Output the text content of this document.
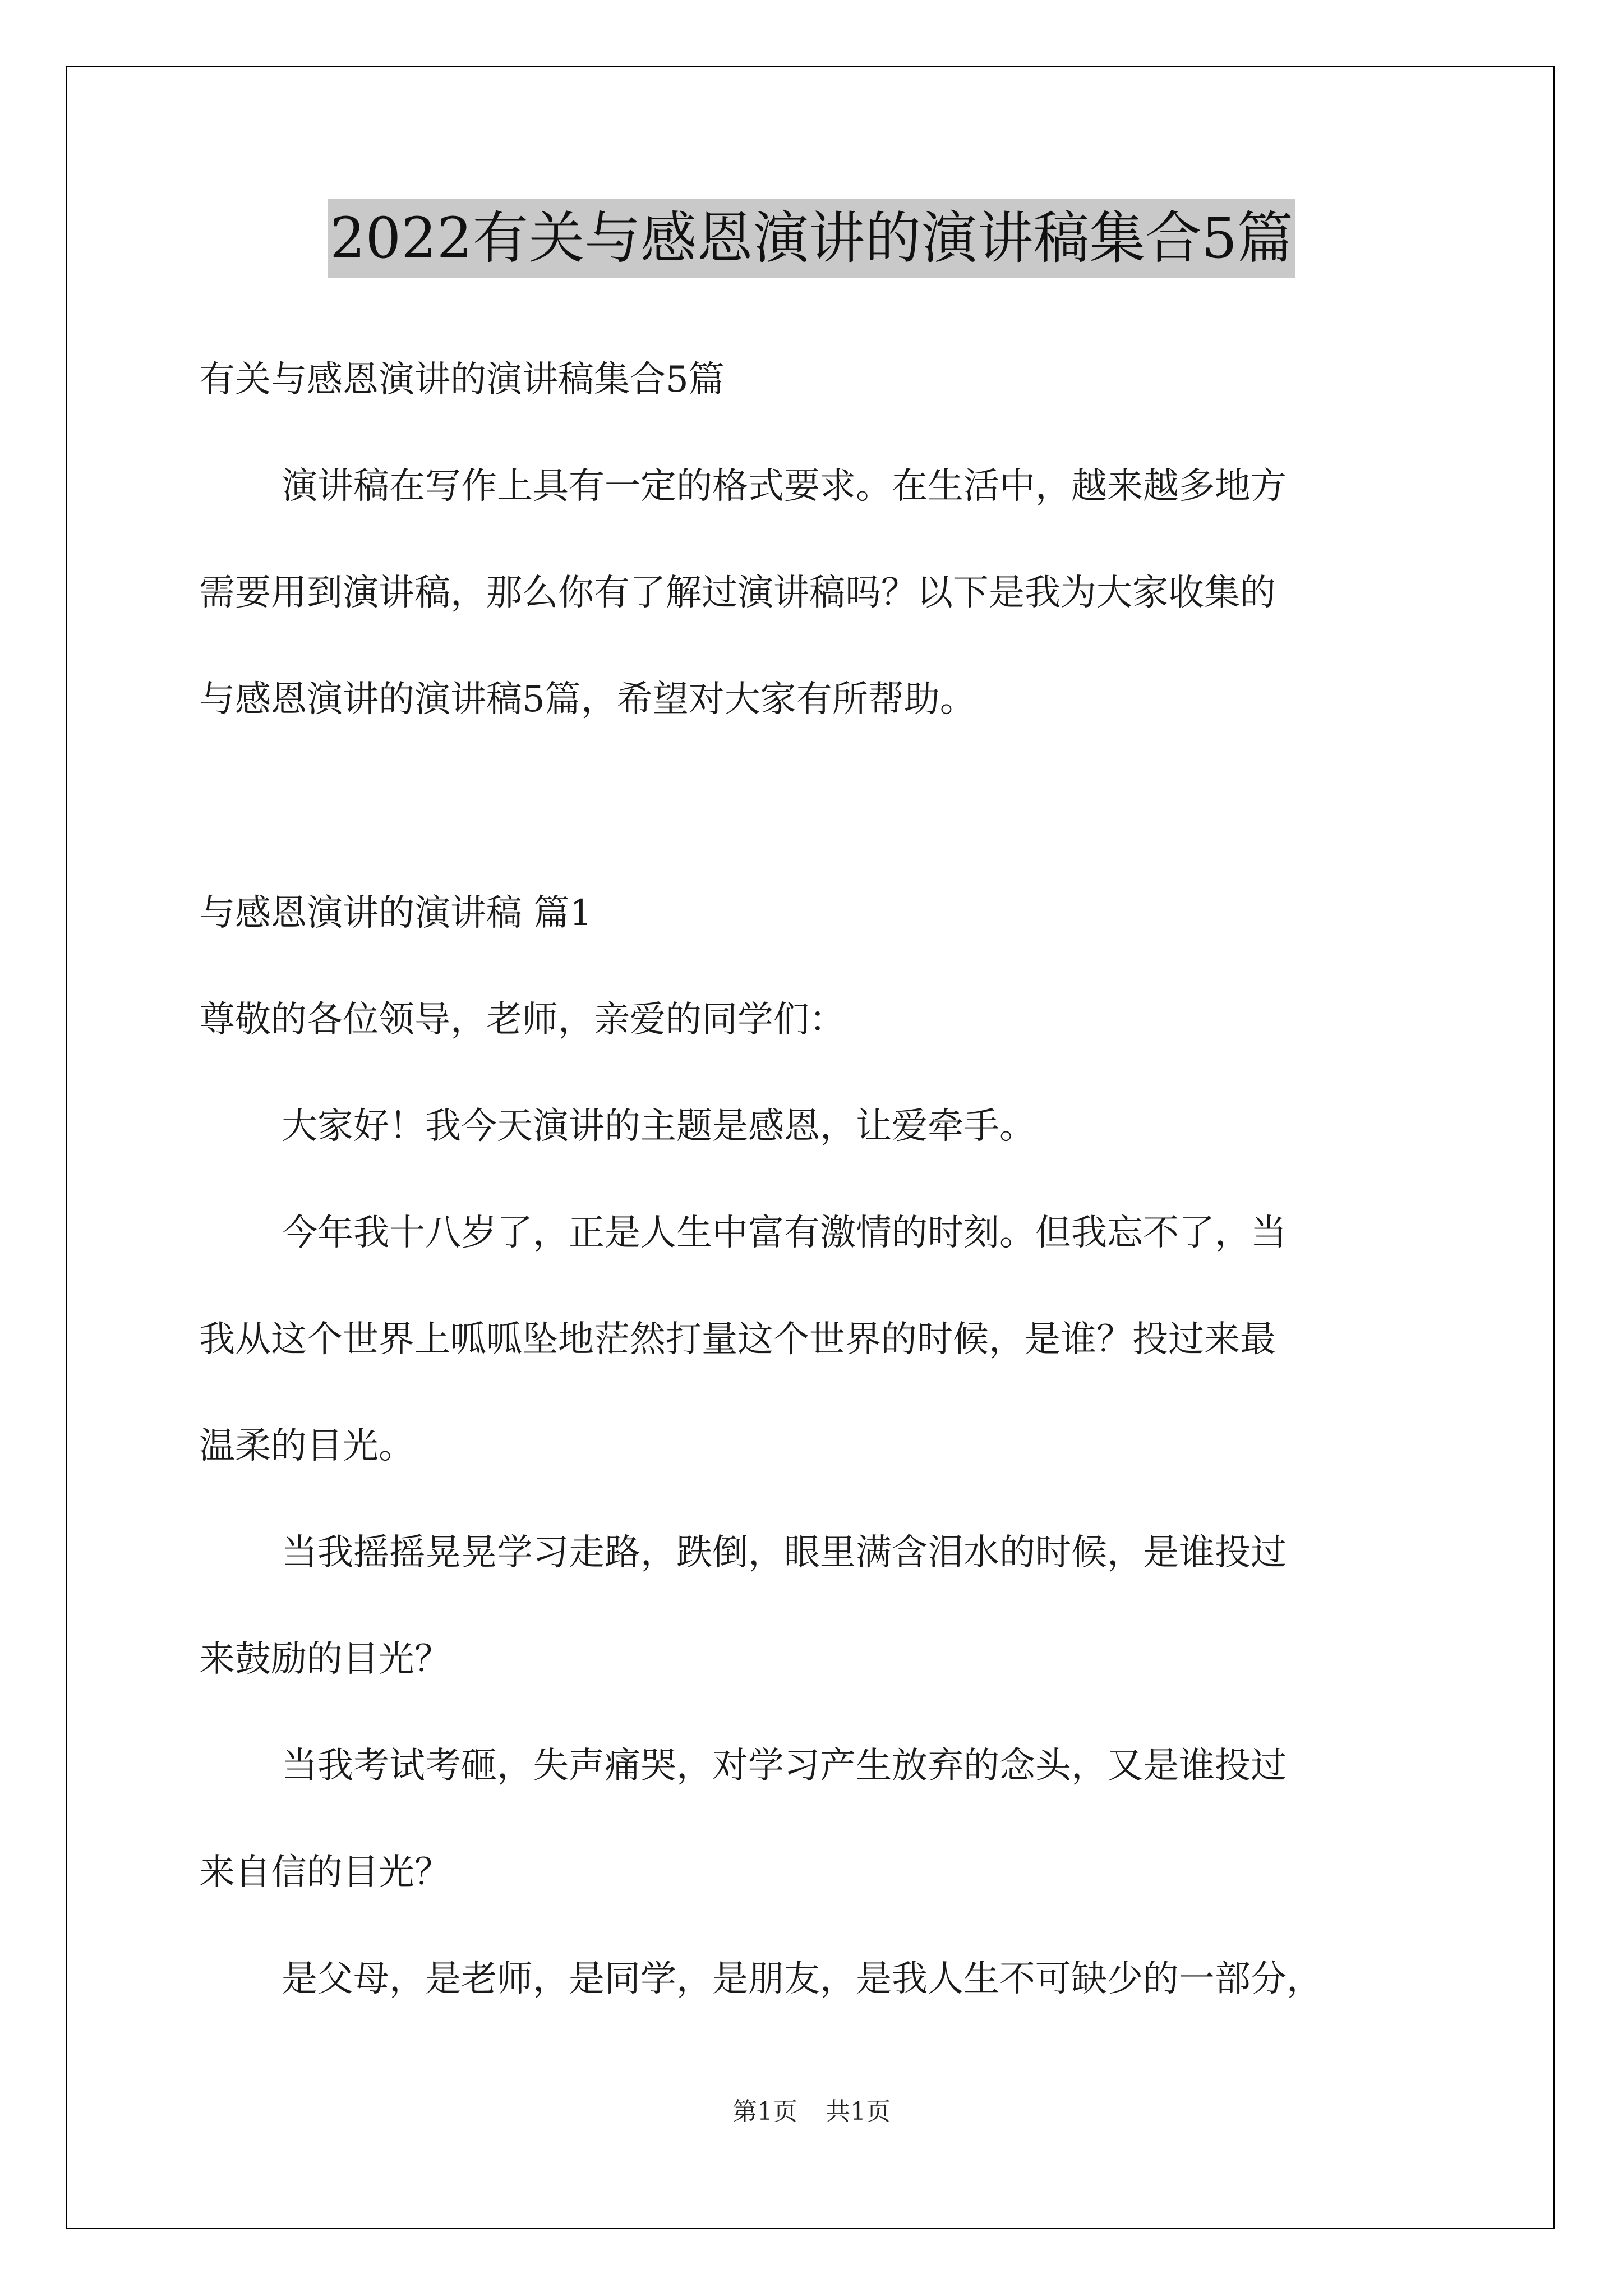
2022有关与感恩演讲的演讲稿集合5篇
有关与感恩演讲的演讲稿集合5篇
演讲稿在写作上具有一定的格式要求。在生活中，越来越多地方
需要用到演讲稿，那么你有了解过演讲稿吗？以下是我为大家收集的
与感恩演讲的演讲稿5篇，希望对大家有所帮助。
与感恩演讲的演讲稿 篇1
尊敬的各位领导，老师，亲爱的同学们：
大家好！我今天演讲的主题是感恩，让爱牵手。
今年我十八岁了，正是人生中富有激情的时刻。但我忘不了，当
我从这个世界上呱呱坠地茫然打量这个世界的时候，是谁？投过来最
温柔的目光。
当我摇摇晃晃学习走路，跌倒，眼里满含泪水的时候，是谁投过
来鼓励的目光？
当我考试考砸，失声痛哭，对学习产生放弃的念头，又是谁投过
来自信的目光？
是父母，是老师，是同学，是朋友，是我人生不可缺少的一部分，
第1页 共1页
